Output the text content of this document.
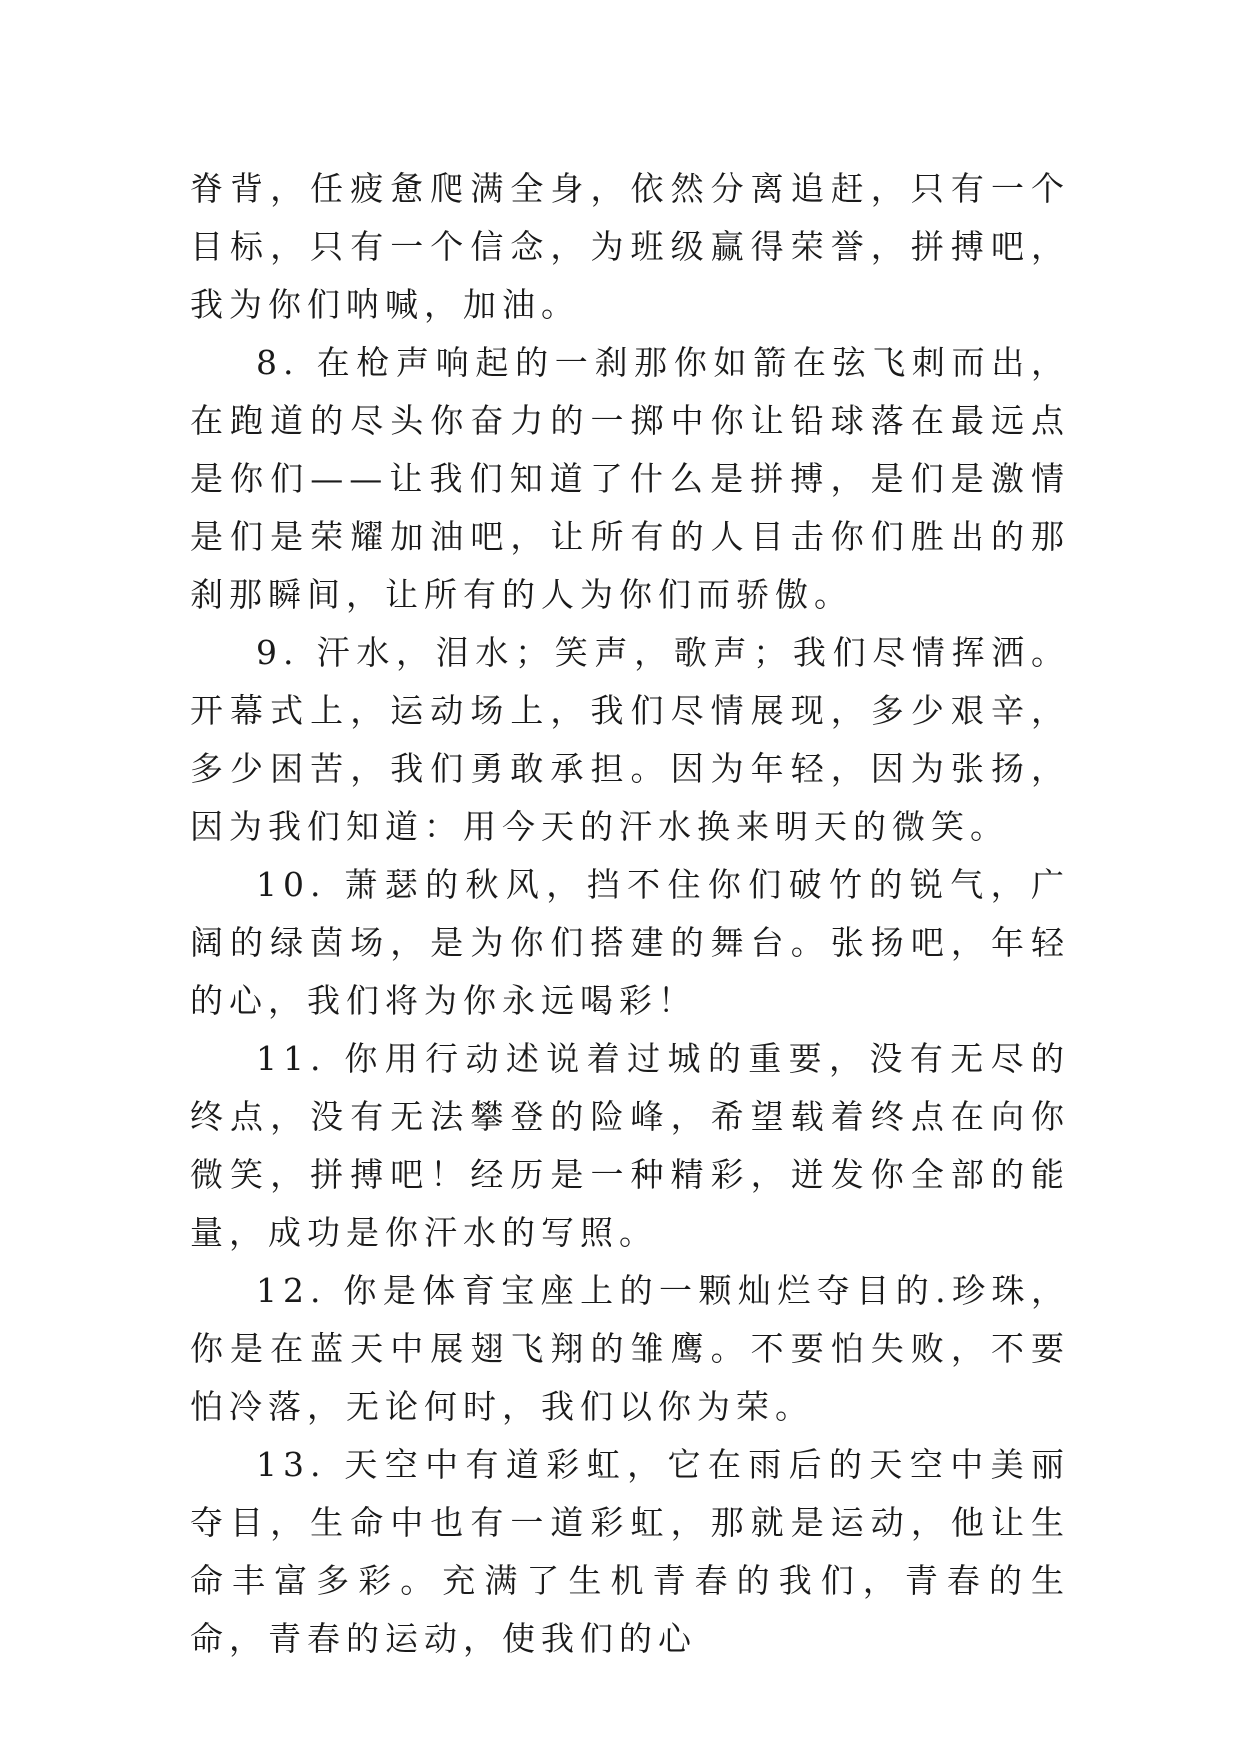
脊背，任疲惫爬满全身，依然分离追赶，只有一个目标，只有一个信念，为班级赢得荣誉，拼搏吧，我为你们呐喊，加油。

8. 在枪声响起的一刹那你如箭在弦飞刺而出，在跑道的尽头你奋力的一掷中你让铅球落在最远点是你们——让我们知道了什么是拼搏，是们是激情是们是荣耀加油吧，让所有的人目击你们胜出的那刹那瞬间，让所有的人为你们而骄傲。

9. 汗水，泪水；笑声，歌声；我们尽情挥洒。开幕式上，运动场上，我们尽情展现，多少艰辛，多少困苦，我们勇敢承担。因为年轻，因为张扬，因为我们知道：用今天的汗水换来明天的微笑。

10. 萧瑟的秋风，挡不住你们破竹的锐气，广阔的绿茵场，是为你们搭建的舞台。张扬吧，年轻的心，我们将为你永远喝彩！

11. 你用行动述说着过城的重要，没有无尽的终点，没有无法攀登的险峰，希望载着终点在向你微笑，拼搏吧！经历是一种精彩，迸发你全部的能量，成功是你汗水的写照。

12. 你是体育宝座上的一颗灿烂夺目的.珍珠，你是在蓝天中展翅飞翔的雏鹰。不要怕失败，不要怕冷落，无论何时，我们以你为荣。

13. 天空中有道彩虹，它在雨后的天空中美丽夺目，生命中也有一道彩虹，那就是运动，他让生命丰富多彩。充满了生机青春的我们，青春的生命，青春的运动，使我们的心
